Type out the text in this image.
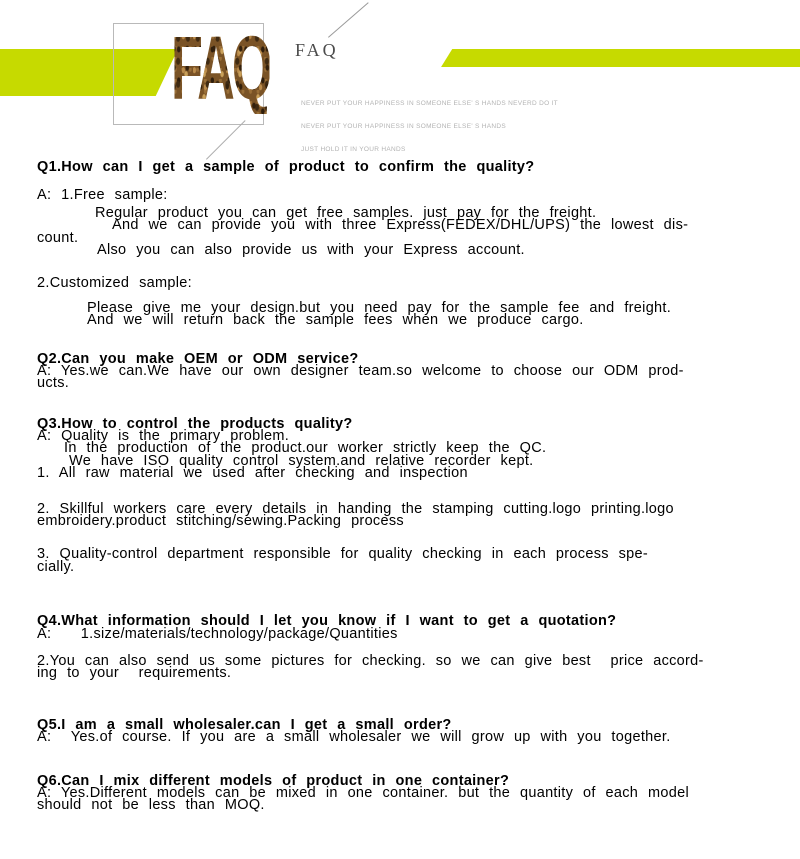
FAQ FAQ

NEVER PUT YOUR HAPPINESS IN SOMEONE ELSE' S HANDS NEVERD DO IT

NEVER PUT YOUR HAPPINESS IN SOMEONE ELSE' S HANDS

JUST HOLD IT IN YOUR HANDS

Q1.How can I get a sample of product to confirm the quality?
A: 1.Free sample:
Regular product you can get free samples. just pay for the freight.
And we can provide you with three Express(FEDEX/DHL/UPS) the lowest dis-
count.
Also you can also provide us with your Express account.
2.Customized sample:
Please give me your design.but you need pay for the sample fee and freight.
And we will return back the sample fees when we produce cargo.
Q2.Can you make OEM or ODM service?
A: Yes.we can.We have our own designer team.so welcome to choose our ODM prod-
ucts.
Q3.How to control the products quality?
A: Quality is the primary problem.
In the production of the product.our worker strictly keep the QC.
We have ISO quality control system.and relative recorder kept.
1. All raw material we used after checking and inspection
2. Skillful workers care every details in handing the stamping cutting.logo printing.logo
embroidery.product stitching/sewing.Packing process
3. Quality-control department responsible for quality checking in each process spe-
cially.
Q4.What information should I let you know if I want to get a quotation?
A:   1.size/materials/technology/package/Quantities
2.You can also send us some pictures for checking. so we can give best  price accord-
ing to your  requirements.
Q5.I am a small wholesaler.can I get a small order?
A:  Yes.of course. If you are a small wholesaler we will grow up with you together.
Q6.Can I mix different models of product in one container?
A: Yes.Different models can be mixed in one container. but the quantity of each model
should not be less than MOQ.
